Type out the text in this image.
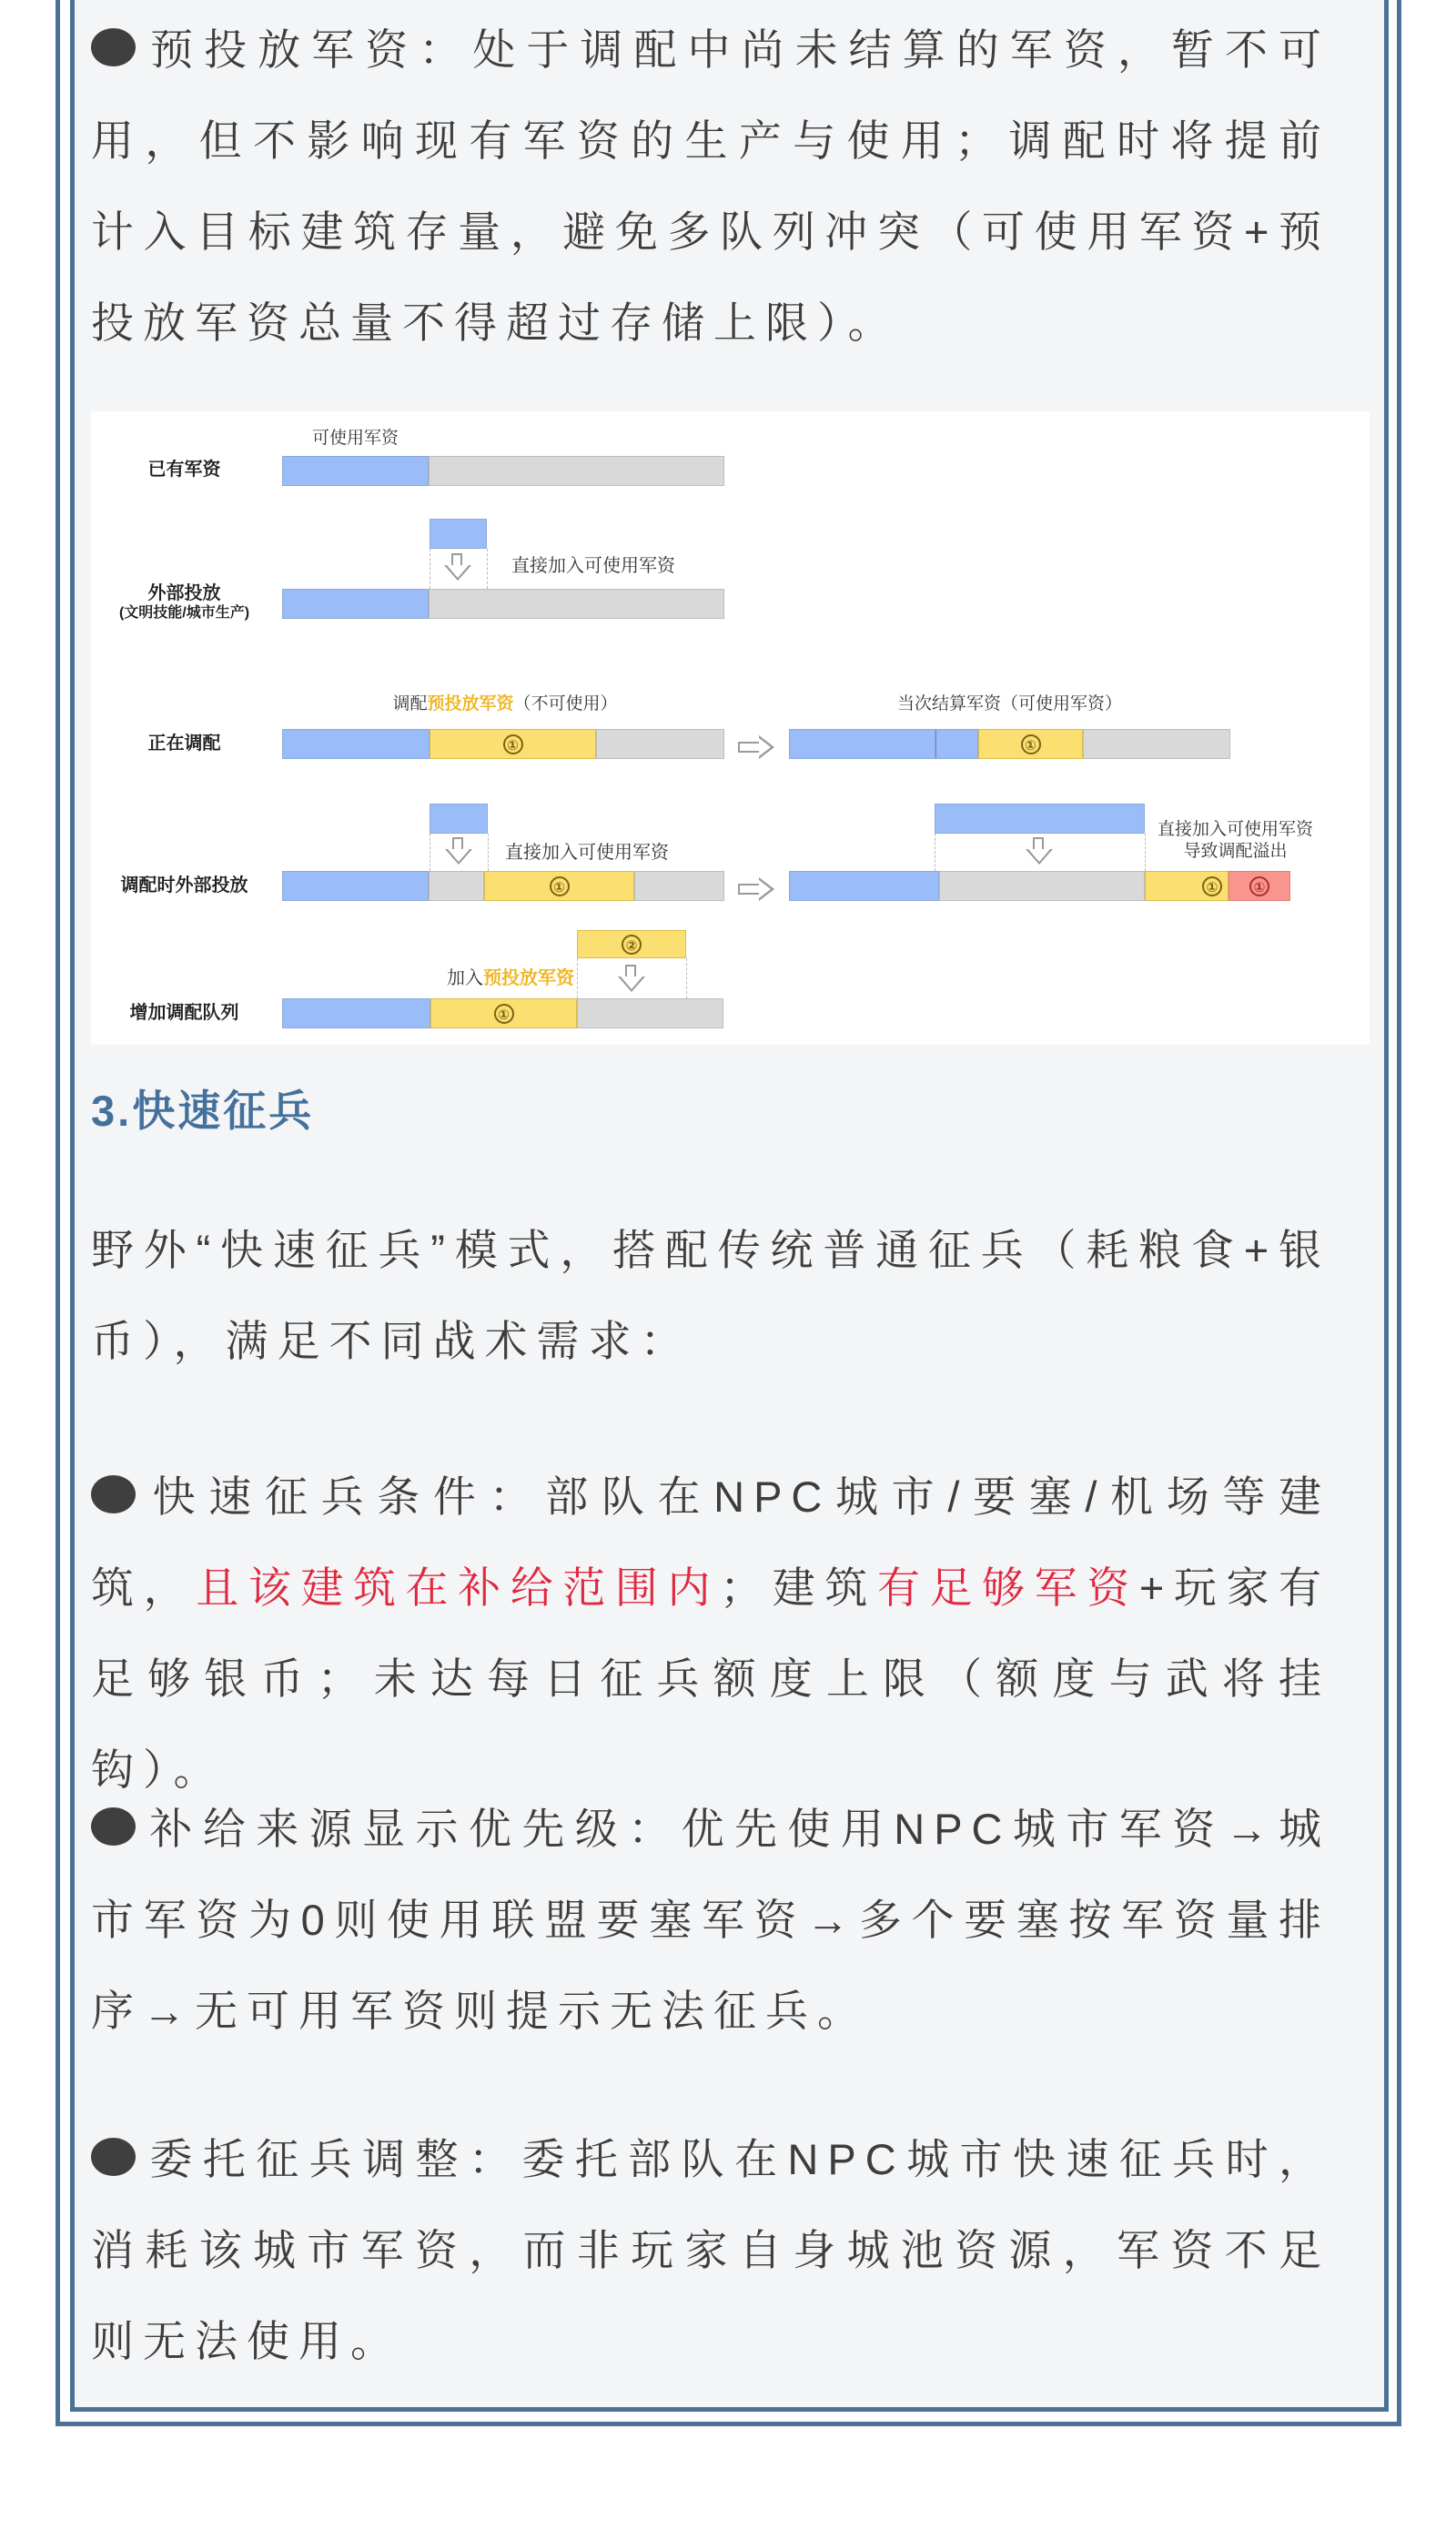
预投放军资：处于调配中尚未结算的军资，暂不可用，但不影响现有军资的生产与使用；调配时将提前计入目标建筑存量，避免多队列冲突（可使用军资+预投放军资总量不得超过存储上限）。

可使用军资
已有军资
直接加入可使用军资
外部投放
(文明技能/城市生产)
调配预投放军资（不可使用）	当次结算军资（可使用军资）
正在调配	①	①
直接加入可使用军资
调配时外部投放	①
直接加入可使用军资
导致调配溢出
①	①
②
加入预投放军资
增加调配队列	①
3.快速征兵

野外“快速征兵”模式，搭配传统普通征兵（耗粮食+银币），满足不同战术需求：

快速征兵条件：部队在NPC城市/要塞/机场等建筑，且该建筑在补给范围内；建筑有足够军资+玩家有足够银币；未达每日征兵额度上限（额度与武将挂钩）。

补给来源显示优先级：优先使用NPC城市军资→城市军资为0则使用联盟要塞军资→多个要塞按军资量排序→无可用军资则提示无法征兵。

委托征兵调整：委托部队在NPC城市快速征兵时，消耗该城市军资，而非玩家自身城池资源，军资不足则无法使用。
